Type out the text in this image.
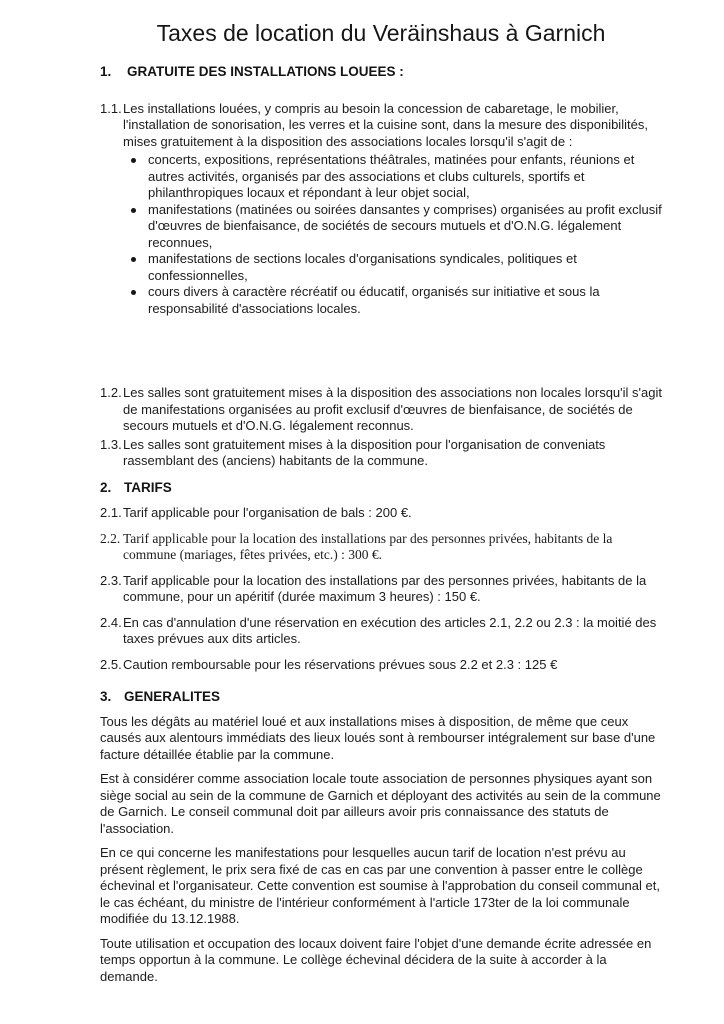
Taxes de location du Veräinshaus à Garnich
1.	GRATUITE DES INSTALLATIONS LOUEES :
1.1. Les installations louées, y compris au besoin la concession de cabaretage, le mobilier, l'installation de sonorisation, les verres et la cuisine sont, dans la mesure des disponibilités, mises gratuitement à la disposition des associations locales lorsqu'il s'agit de :
concerts, expositions, représentations théâtrales, matinées pour enfants, réunions et autres activités, organisés par des associations et clubs culturels, sportifs et philanthropiques locaux et répondant à leur objet social,
manifestations (matinées ou soirées dansantes y comprises) organisées au profit exclusif d'œuvres de bienfaisance, de sociétés de secours mutuels et d'O.N.G. légalement reconnues,
manifestations de sections locales d'organisations syndicales, politiques et confessionnelles,
cours divers à caractère récréatif ou éducatif, organisés sur initiative et sous la responsabilité d'associations locales.
1.2. Les salles sont gratuitement mises à la disposition des associations non locales lorsqu'il s'agit de manifestations organisées au profit exclusif d'œuvres de bienfaisance, de sociétés de secours mutuels et d'O.N.G. légalement reconnus.
1.3. Les salles sont gratuitement mises à la disposition pour l'organisation de conveniats rassemblant des (anciens) habitants de la commune.
2. TARIFS
2.1. Tarif applicable pour l'organisation de bals : 200 €.
2.2. Tarif applicable pour la location des installations par des personnes privées, habitants de la commune (mariages, fêtes privées, etc.) : 300 €.
2.3. Tarif applicable pour la location des installations par des personnes privées, habitants de la commune, pour un apéritif (durée maximum 3 heures) : 150 €.
2.4. En cas d'annulation d'une réservation en exécution des articles 2.1, 2.2 ou 2.3 : la moitié des taxes prévues aux dits articles.
2.5. Caution remboursable pour les réservations prévues sous 2.2 et 2.3 : 125 €
3. GENERALITES

Tous les dégâts au matériel loué et aux installations mises à disposition, de même que ceux causés aux alentours immédiats des lieux loués sont à rembourser intégralement sur base d'une facture détaillée établie par la commune.

Est à considérer comme association locale toute association de personnes physiques ayant son siège social au sein de la commune de Garnich et déployant des activités au sein de la commune de Garnich. Le conseil communal doit par ailleurs avoir pris connaissance des statuts de l'association.

En ce qui concerne les manifestations pour lesquelles aucun tarif de location n'est prévu au présent règlement, le prix sera fixé de cas en cas par une convention à passer entre le collège échevinal et l'organisateur. Cette convention est soumise à l'approbation du conseil communal et, le cas échéant, du ministre de l'intérieur conformément à l'article 173ter de la loi communale modifiée du 13.12.1988.

Toute utilisation et occupation des locaux doivent faire l'objet d'une demande écrite adressée en temps opportun à la commune. Le collège échevinal décidera de la suite à accorder à la demande.
